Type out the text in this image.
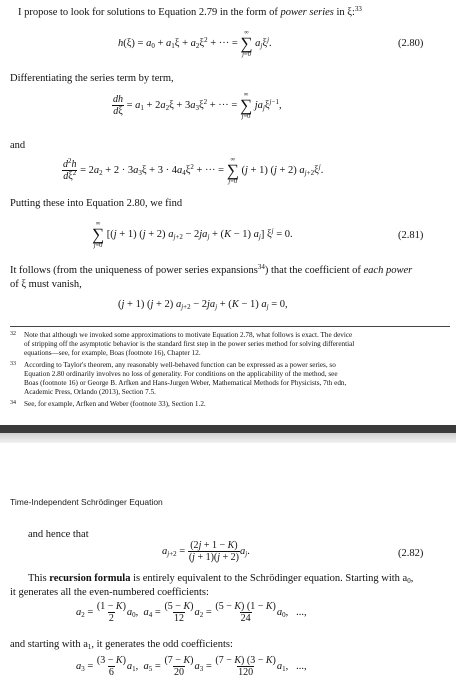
I propose to look for solutions to Equation 2.79 in the form of power series in ξ:$^{33}$
$h(\xi) = a_0 + a_1\xi + a_2\xi^2$ + ··· =
∞
∑
j=0
$a_j\xi^j$.	(2.80)
Differentiating the series term by term,
$\frac{dh}{d\xi} = a_1 + 2a_2\xi + 3a_3\xi^2$ + ··· =
∞
∑
j=0
$ja_j\xi^{j-1}$,
and
$\frac{d^2h}{d\xi^2} = 2a_2 + 2 \cdot 3a_3\xi + 3 \cdot 4a_4\xi^2$ + ··· =
∞
∑
j=0
(j + 1) (j + 2) $a_{j+2}\xi^j$.
Putting these into Equation 2.80, we find
∞
∑
j=0
[(j + 1) (j + 2) $a_{j+2} - 2ja_j + (K - 1)$ $a_j$] $\xi^j = 0$.	(2.81)
It follows (from the uniqueness of power series expansions$^{34}$) that the coefficient of each power
of ξ must vanish,
(j + 1) (j + 2) $a_{j+2} - 2ja_j + (K - 1) a_j = 0$,
32 Note that although we invoked some approximations to motivate Equation 2.78, what follows is exact. The device
of stripping off the asymptotic behavior is the standard first step in the power series method for solving differential
equations—see, for example, Boas (footnote 16), Chapter 12.
33 According to Taylor's theorem, any reasonably well-behaved function can be expressed as a power series, so
Equation 2.80 ordinarily involves no loss of generality. For conditions on the applicability of the method, see
Boas (footnote 16) or George B. Arfken and Hans-Jurgen Weber, Mathematical Methods for Physicists, 7th edn,
Academic Press, Orlando (2013), Section 7.5.
34 See, for example, Arfken and Weber (footnote 33), Section 1.2.
Time-Independent Schrödinger Equation
and hence that
$a_{j+2} = \frac{(2j + 1 - K)}{(j + 1)(j + 2)} a_j$.	(2.82)
This recursion formula is entirely equivalent to the Schrödinger equation. Starting with $a_0$,
it generates all the even-numbered coefficients:
$a_2 = \frac{(1 - K)}{2} a_0$,  $a_4 = \frac{(5 - K)}{12} a_2 = \frac{(5 - K) (1 - K)}{24} a_0$,   ...,
and starting with $a_1$, it generates the odd coefficients:
$a_3 = \frac{(3 - K)}{6} a_1$,  $a_5 = \frac{(7 - K)}{20} a_3 = \frac{(7 - K) (3 - K)}{120} a_1$,   ...,
